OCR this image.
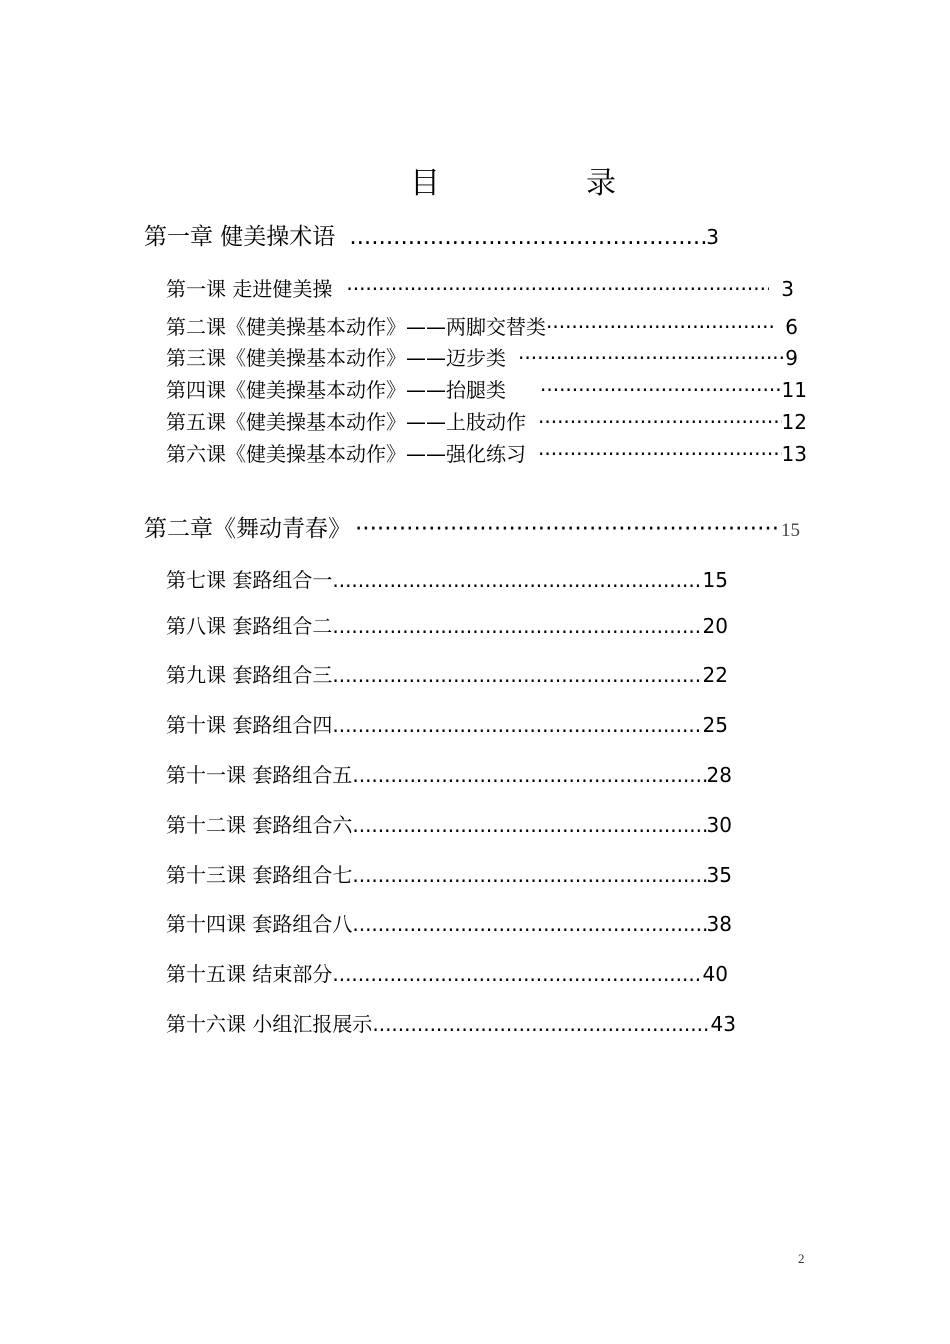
目　录
第一章 健美操术语 .....	3
第一课 走进健美操 ·····	3
第二课《健美操基本动作》——两脚交替类 ·····	6
第三课《健美操基本动作》——迈步类 ·····	9
第四课《健美操基本动作》——抬腿类 ·····	11
第五课《健美操基本动作》——上肢动作 ·····	12
第六课《健美操基本动作》——强化练习 ·····	13
第二章《舞动青春》 ·····	15
第七课 套路组合一 .....	15
第八课 套路组合二 .....	20
第九课 套路组合三 .....	22
第十课 套路组合四 .....	25
第十一课 套路组合五 .....	28
第十二课 套路组合六 .....	30
第十三课 套路组合七 .....	35
第十四课 套路组合八 .....	38
第十五课 结束部分 .....	40
第十六课 小组汇报展示 .....	43
2
